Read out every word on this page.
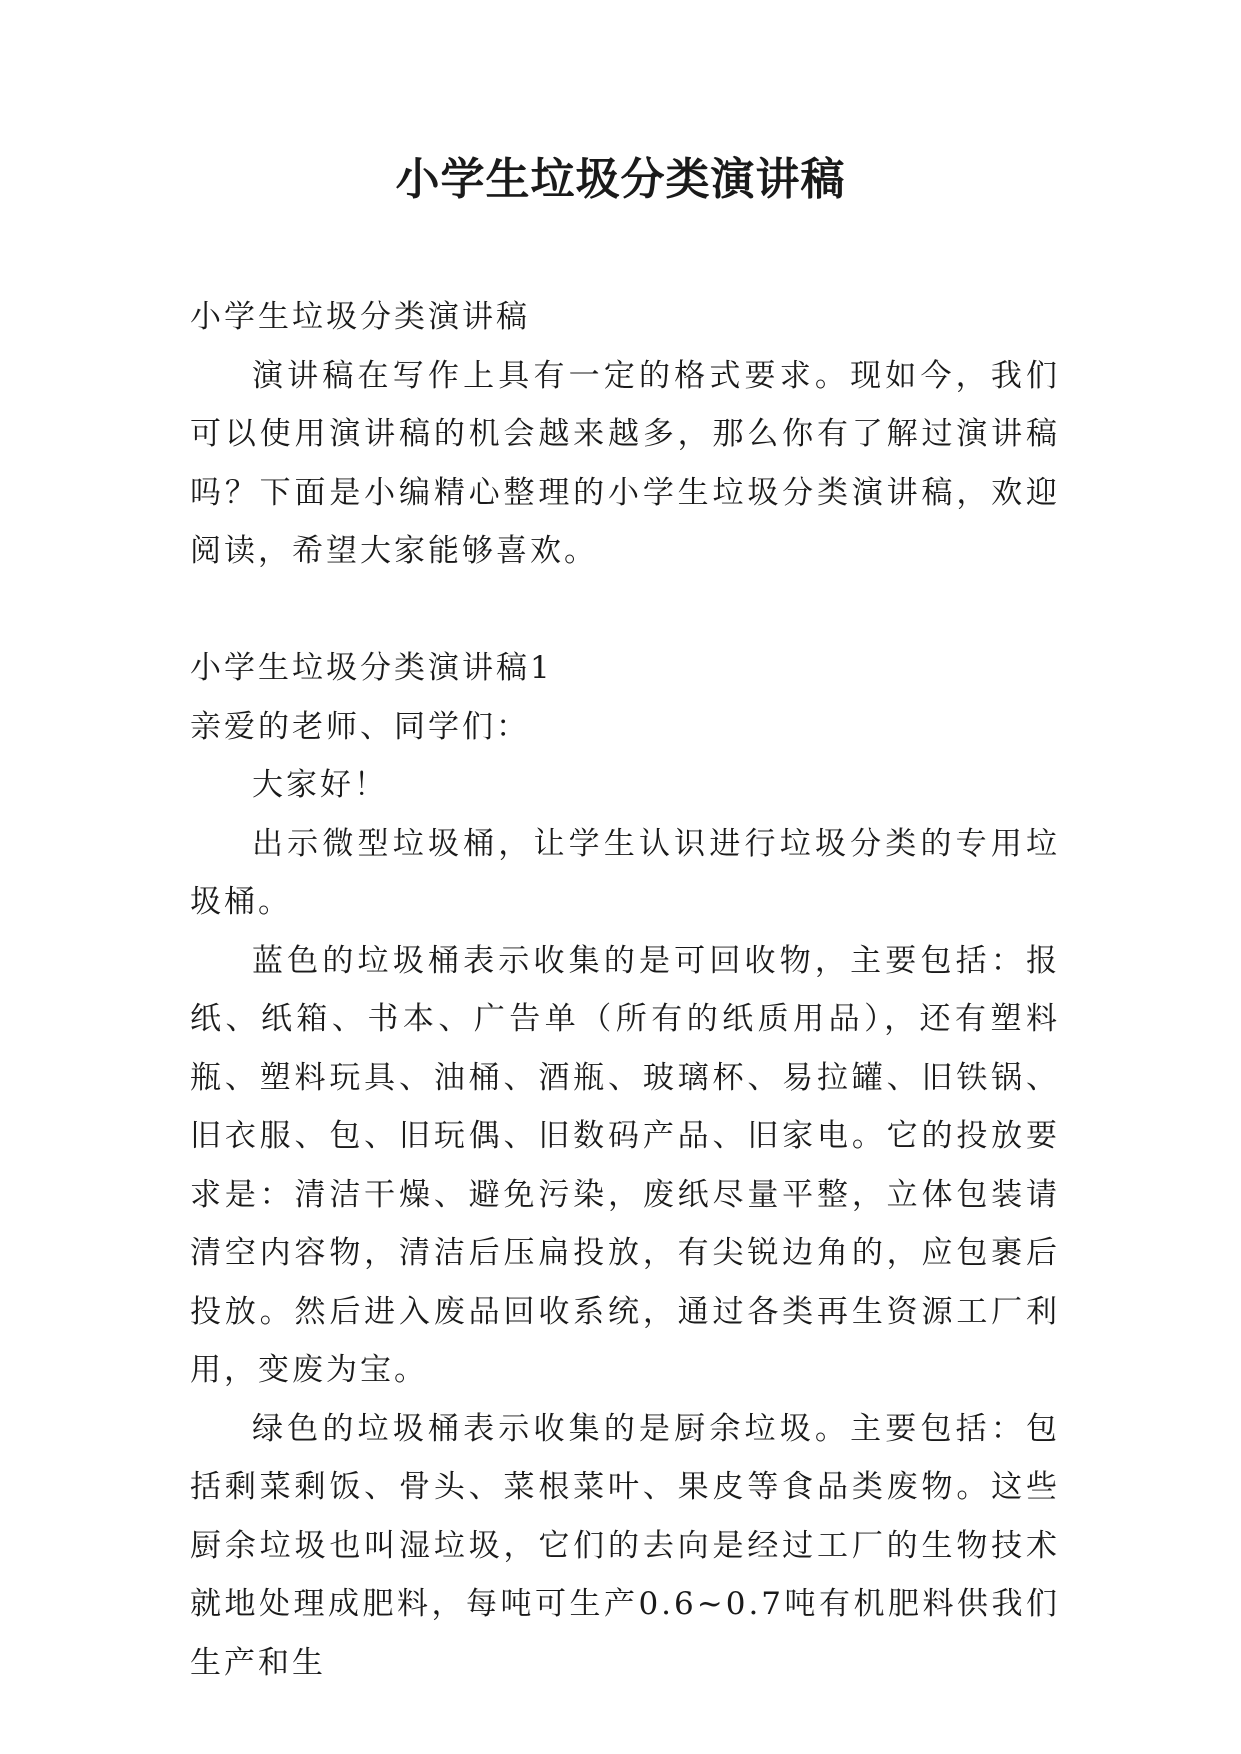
小学生垃圾分类演讲稿

小学生垃圾分类演讲稿

演讲稿在写作上具有一定的格式要求。现如今，我们可以使用演讲稿的机会越来越多，那么你有了解过演讲稿吗？下面是小编精心整理的小学生垃圾分类演讲稿，欢迎阅读，希望大家能够喜欢。

小学生垃圾分类演讲稿1

亲爱的老师、同学们：

大家好！

出示微型垃圾桶，让学生认识进行垃圾分类的专用垃圾桶。

蓝色的垃圾桶表示收集的是可回收物，主要包括：报纸、纸箱、书本、广告单（所有的纸质用品），还有塑料瓶、塑料玩具、油桶、酒瓶、玻璃杯、易拉罐、旧铁锅、旧衣服、包、旧玩偶、旧数码产品、旧家电。它的投放要求是：清洁干燥、避免污染，废纸尽量平整，立体包装请清空内容物，清洁后压扁投放，有尖锐边角的，应包裹后投放。然后进入废品回收系统，通过各类再生资源工厂利用，变废为宝。

绿色的垃圾桶表示收集的是厨余垃圾。主要包括：包括剩菜剩饭、骨头、菜根菜叶、果皮等食品类废物。这些厨余垃圾也叫湿垃圾，它们的去向是经过工厂的生物技术就地处理成肥料，每吨可生产0.6~0.7吨有机肥料供我们生产和生
